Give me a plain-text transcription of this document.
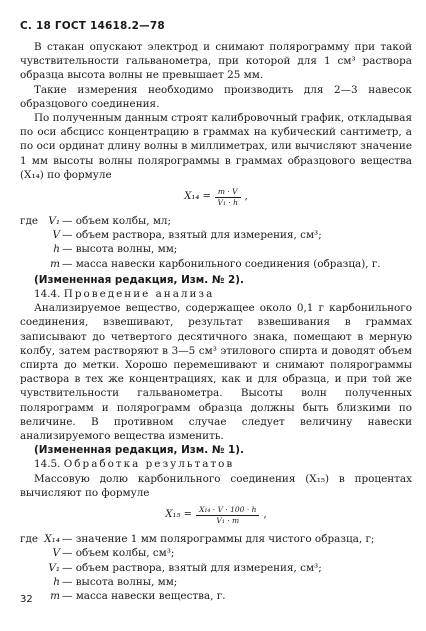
С. 18 ГОСТ 14618.2—78

В стакан опускают электрод и снимают полярограмму при такой чувствительности гальванометра, при которой для 1 см³ раствора образца высота волны не превышает 25 мм.

Такие измерения необходимо производить для 2—3 навесок образцового соединения.

По полученным данным строят калибровочный график, откладывая по оси абсцисс концентрацию в граммах на кубический сантиметр, а по оси ординат длину волны в миллиметрах, или вычисляют значение 1 мм высоты волны полярограммы в граммах образцового вещества (X₁₄) по формуле

$X_{14} = \frac{m \cdot V}{\text{V₁ · h}}$ ,
где V₁ — объем колбы, мл;
V — объем раствора, взятый для измерения, см³;
h — высота волны, мм;
m — масса навески карбонильного соединения (образца), г.

(Измененная редакция, Изм. № 2).

14.4. Проведение анализа

Анализируемое вещество, содержащее около 0,1 г карбонильного соединения, взвешивают, результат взвешивания в граммах записывают до четвертого десятичного знака, помещают в мерную колбу, затем растворяют в 3—5 см³ этилового спирта и доводят объем спирта до метки. Хорошо перемешивают и снимают полярограммы раствора в тех же концентрациях, как и для образца, и при той же чувствительности гальванометра. Высоты волн полученных полярограмм и полярограмм образца должны быть близкими по величине. В противном случае следует величину навески анализируемого вещества изменить.

(Измененная редакция, Изм. № 1).

14.5. Обработка результатов

Массовую долю карбонильного соединения (X₁₅) в процентах вычисляют по формуле

$X_{15} = \frac{\text{X₁₄ · V · 100 · h}}{\text{V₁ · m}}$ ,
где X₁₄ — значение 1 мм полярограммы для чистого образца, г;
V — объем колбы, см³;
V₁ — объем раствора, взятый для измерения, см³;
h — высота волны, мм;
m — масса навески вещества, г.
32
